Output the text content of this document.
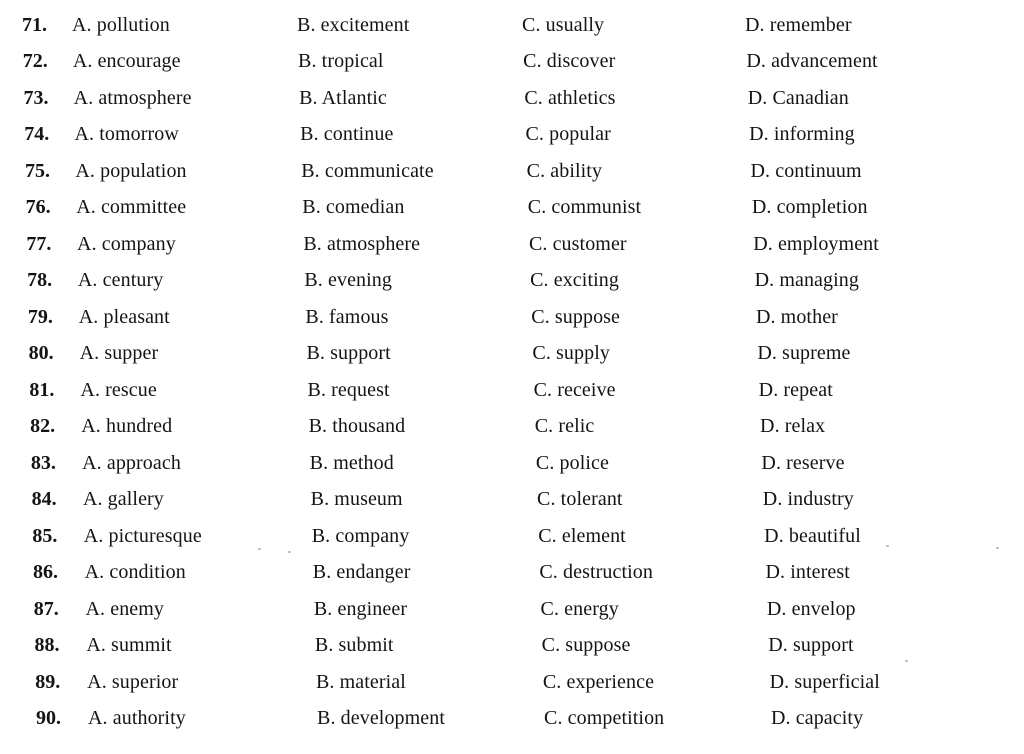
71. A. pollution	B. excitement	C. usually	D. remember
72. A. encourage	B. tropical	C. discover	D. advancement
73. A. atmosphere	B. Atlantic	C. athletics	D. Canadian
74. A. tomorrow	B. continue	C. popular	D. informing
75. A. population	B. communicate	C. ability	D. continuum
76. A. committee	B. comedian	C. communist	D. completion
77. A. company	B. atmosphere	C. customer	D. employment
78. A. century	B. evening	C. exciting	D. managing
79. A. pleasant	B. famous	C. suppose	D. mother
80. A. supper	B. support	C. supply	D. supreme
81. A. rescue	B. request	C. receive	D. repeat
82. A. hundred	B. thousand	C. relic	D. relax
83. A. approach	B. method	C. police	D. reserve
84. A. gallery	B. museum	C. tolerant	D. industry
85. A. picturesque	B. company	C. element	D. beautiful
86. A. condition	B. endanger	C. destruction	D. interest
87. A. enemy	B. engineer	C. energy	D. envelop
88. A. summit	B. submit	C. suppose	D. support
89. A. superior	B. material	C. experience	D. superficial
90. A. authority	B. development	C. competition	D. capacity
